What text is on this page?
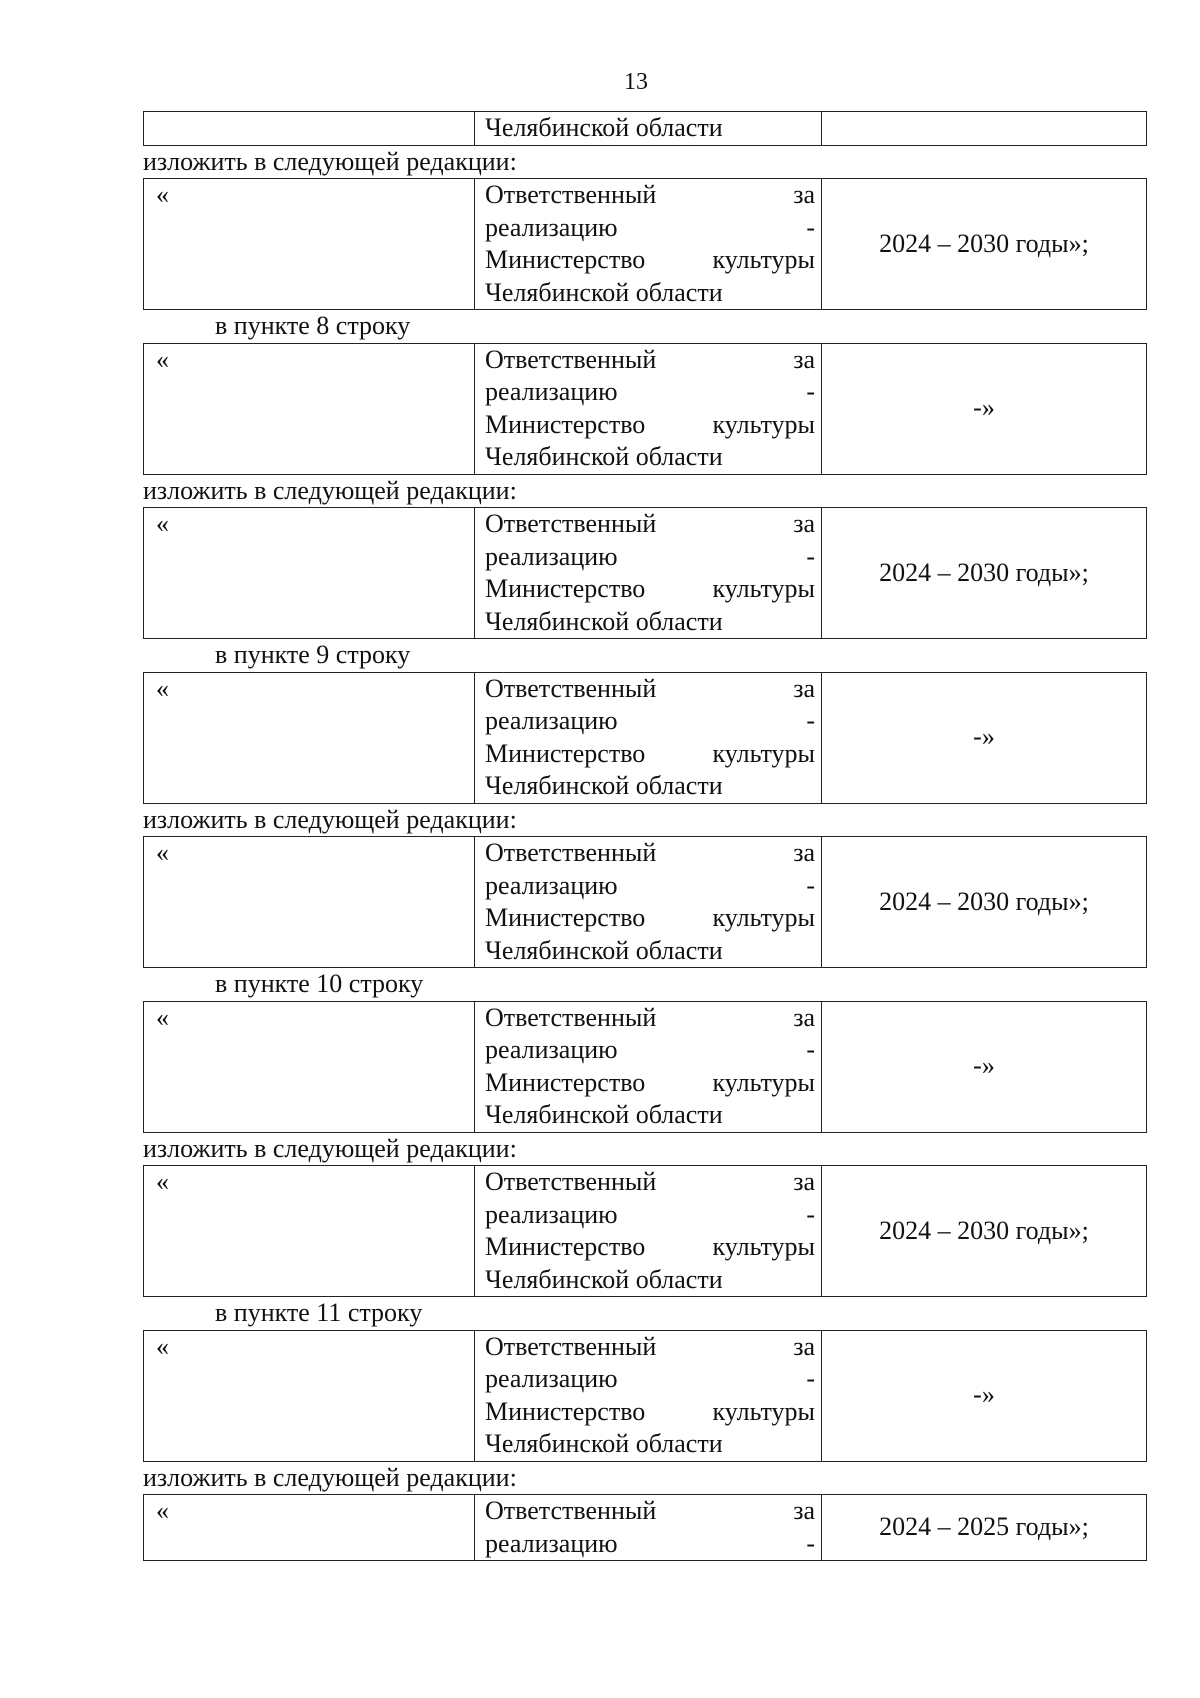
13

Челябинской области

изложить в следующей редакции:
«	Ответственный	за
реализацию	-
Министерство	культуры
Челябинской области
	2024 – 2030 годы»;
в пункте 8 строку
«	Ответственный	за
реализацию	-
Министерство	культуры
Челябинской области
	-»
изложить в следующей редакции:
«	Ответственный	за
реализацию	-
Министерство	культуры
Челябинской области
	2024 – 2030 годы»;
в пункте 9 строку
«	Ответственный	за
реализацию	-
Министерство	культуры
Челябинской области
	-»
изложить в следующей редакции:
«	Ответственный	за
реализацию	-
Министерство	культуры
Челябинской области
	2024 – 2030 годы»;
в пункте 10 строку
«	Ответственный	за
реализацию	-
Министерство	культуры
Челябинской области
	-»
изложить в следующей редакции:
«	Ответственный	за
реализацию	-
Министерство	культуры
Челябинской области
	2024 – 2030 годы»;
в пункте 11 строку
«	Ответственный	за
реализацию	-
Министерство	культуры
Челябинской области
	-»
изложить в следующей редакции:
«	Ответственный	за
реализацию	-
	2024 – 2025 годы»;
